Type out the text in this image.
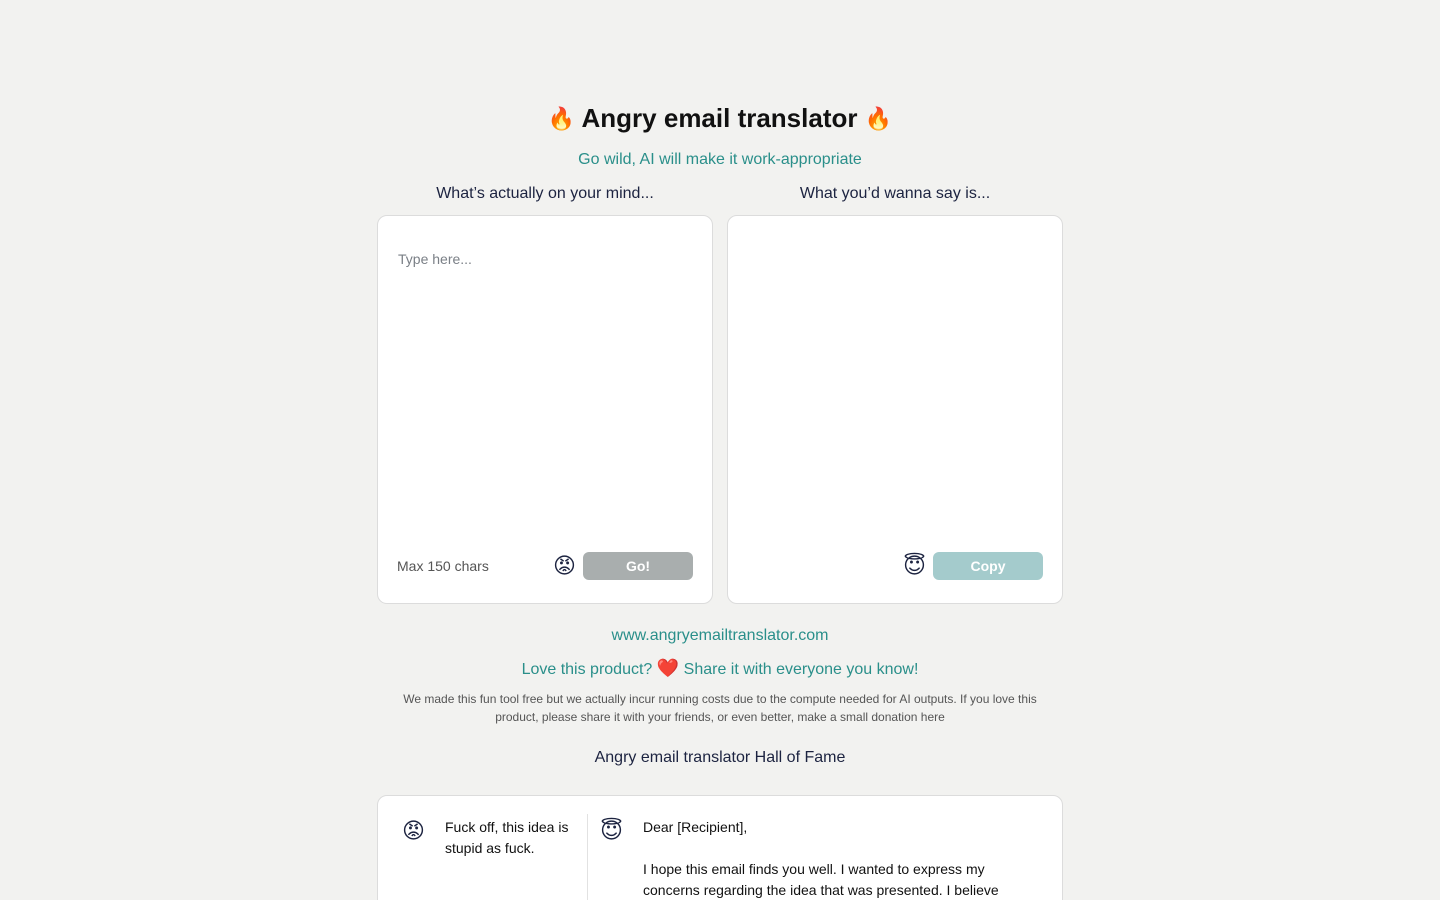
🔥 Angry email translator 🔥
Go wild, AI will make it work-appropriate
What’s actually on your mind...	What you’d wanna say is...
Type here...
Max 150 chars	😡	Go!	😇	Copy
www.angryemailtranslator.com
Love this product? ❤️ Share it with everyone you know!
We made this fun tool free but we actually incur running costs due to the compute needed for AI outputs. If you love this product, please share it with your friends, or even better, make a small donation here
Angry email translator Hall of Fame
😡 Fuck off, this idea is stupid as fuck.
😇 Dear [Recipient],

I hope this email finds you well. I wanted to express my concerns regarding the idea that was presented. I believe
